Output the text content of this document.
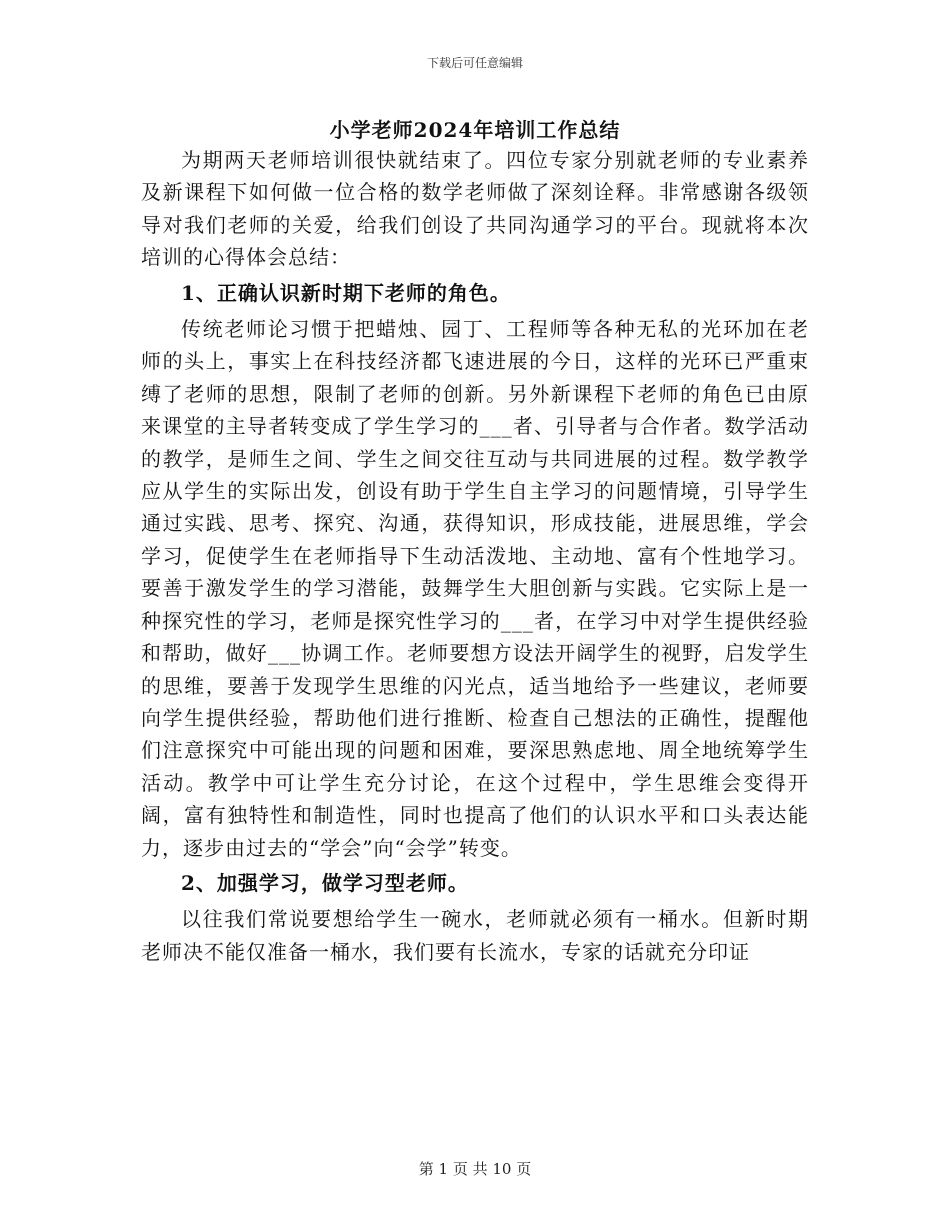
下载后可任意编辑
小学老师2024年培训工作总结

为期两天老师培训很快就结束了。四位专家分别就老师的专业素养及新课程下如何做一位合格的数学老师做了深刻诠释。非常感谢各级领导对我们老师的关爱，给我们创设了共同沟通学习的平台。现就将本次培训的心得体会总结：

1、正确认识新时期下老师的角色。

传统老师论习惯于把蜡烛、园丁、工程师等各种无私的光环加在老师的头上，事实上在科技经济都飞速进展的今日，这样的光环已严重束缚了老师的思想，限制了老师的创新。另外新课程下老师的角色已由原来课堂的主导者转变成了学生学习的___者、引导者与合作者。数学活动的教学，是师生之间、学生之间交往互动与共同进展的过程。数学教学应从学生的实际出发，创设有助于学生自主学习的问题情境，引导学生通过实践、思考、探究、沟通，获得知识，形成技能，进展思维，学会学习，促使学生在老师指导下生动活泼地、主动地、富有个性地学习。要善于激发学生的学习潜能，鼓舞学生大胆创新与实践。它实际上是一种探究性的学习，老师是探究性学习的___者，在学习中对学生提供经验和帮助，做好___协调工作。老师要想方设法开阔学生的视野，启发学生的思维，要善于发现学生思维的闪光点，适当地给予一些建议，老师要向学生提供经验，帮助他们进行推断、检查自己想法的正确性，提醒他们注意探究中可能出现的问题和困难，要深思熟虑地、周全地统筹学生活动。教学中可让学生充分讨论，在这个过程中，学生思维会变得开阔，富有独特性和制造性，同时也提高了他们的认识水平和口头表达能力，逐步由过去的“学会”向“会学”转变。

2、加强学习，做学习型老师。

以往我们常说要想给学生一碗水，老师就必须有一桶水。但新时期老师决不能仅准备一桶水，我们要有长流水，专家的话就充分印证

第 1 页 共 10 页
